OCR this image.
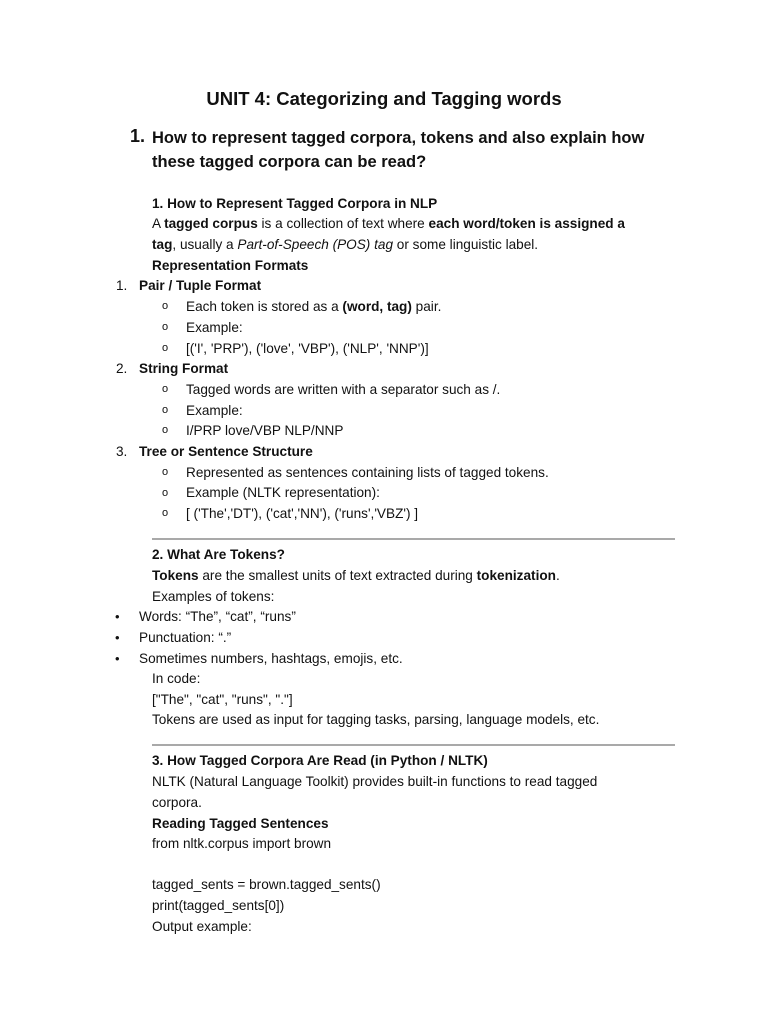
UNIT 4: Categorizing and Tagging words
1. How to represent tagged corpora, tokens and also explain how
these tagged corpora can be read?
1. How to Represent Tagged Corpora in NLP
A tagged corpus is a collection of text where each word/token is assigned a
tag, usually a Part-of-Speech (POS) tag or some linguistic label.
Representation Formats
1. Pair / Tuple Format
o Each token is stored as a (word, tag) pair.
o Example:
o [('I', 'PRP'), ('love', 'VBP'), ('NLP', 'NNP')]
2. String Format
o Tagged words are written with a separator such as /.
o Example:
o I/PRP love/VBP NLP/NNP
3. Tree or Sentence Structure
o Represented as sentences containing lists of tagged tokens.
o Example (NLTK representation):
o [ ('The','DT'), ('cat','NN'), ('runs','VBZ') ]
2. What Are Tokens?
Tokens are the smallest units of text extracted during tokenization.
Examples of tokens:
• Words: “The”, “cat”, “runs”
• Punctuation: “.”
• Sometimes numbers, hashtags, emojis, etc.
In code:
["The", "cat", "runs", "."]
Tokens are used as input for tagging tasks, parsing, language models, etc.
3. How Tagged Corpora Are Read (in Python / NLTK)
NLTK (Natural Language Toolkit) provides built-in functions to read tagged
corpora.
Reading Tagged Sentences
from nltk.corpus import brown
tagged_sents = brown.tagged_sents()
print(tagged_sents[0])
Output example:
